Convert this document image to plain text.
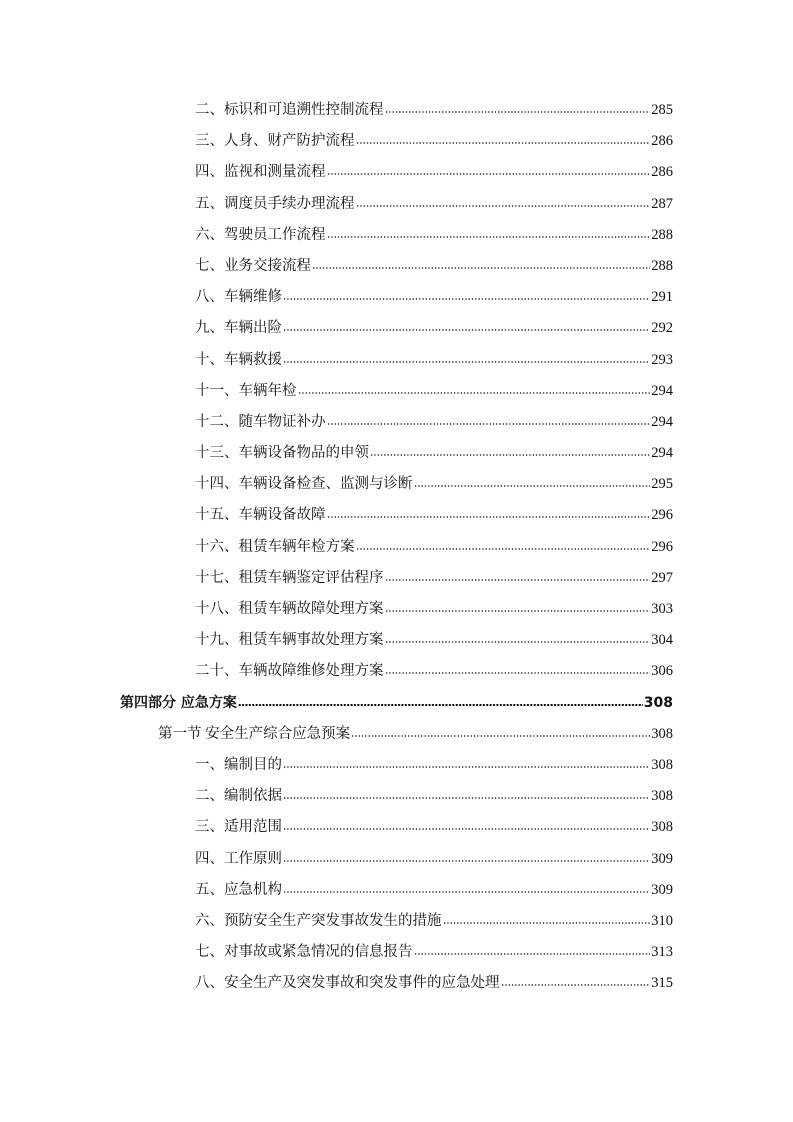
二、标识和可追溯性控制流程	285
三、人身、财产防护流程	286
四、监视和测量流程	286
五、调度员手续办理流程	287
六、驾驶员工作流程	288
七、业务交接流程	288
八、车辆维修	291
九、车辆出险	292
十、车辆救援	293
十一、车辆年检	294
十二、随车物证补办	294
十三、车辆设备物品的申领	294
十四、车辆设备检查、监测与诊断	295
十五、车辆设备故障	296
十六、租赁车辆年检方案	296
十七、租赁车辆鉴定评估程序	297
十八、租赁车辆故障处理方案	303
十九、租赁车辆事故处理方案	304
二十、车辆故障维修处理方案	306
第四部分 应急方案	308
第一节 安全生产综合应急预案	308
一、编制目的	308
二、编制依据	308
三、适用范围	308
四、工作原则	309
五、应急机构	309
六、预防安全生产突发事故发生的措施	310
七、对事故或紧急情况的信息报告	313
八、安全生产及突发事故和突发事件的应急处理	315
